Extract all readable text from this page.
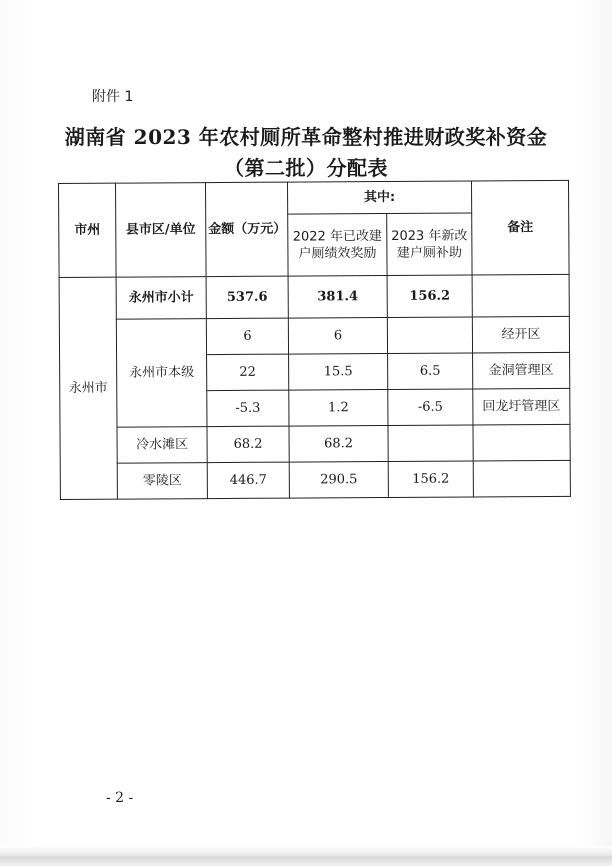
附件 1
湖南省 2023 年农村厕所革命整村推进财政奖补资金
（第二批）分配表
市州	县市区/单位	金额（万元）	其中:		备注
			2022 年已改建户厕绩效奖励	2023 年新改建户厕补助	
永州市	永州市小计	537.6	381.4	156.2	
	永州市本级	6	6		经开区
		22	15.5	6.5	金洞管理区
		-5.3	1.2	-6.5	回龙圩管理区
	冷水滩区	68.2	68.2		
	零陵区	446.7	290.5	156.2	
- 2 -
